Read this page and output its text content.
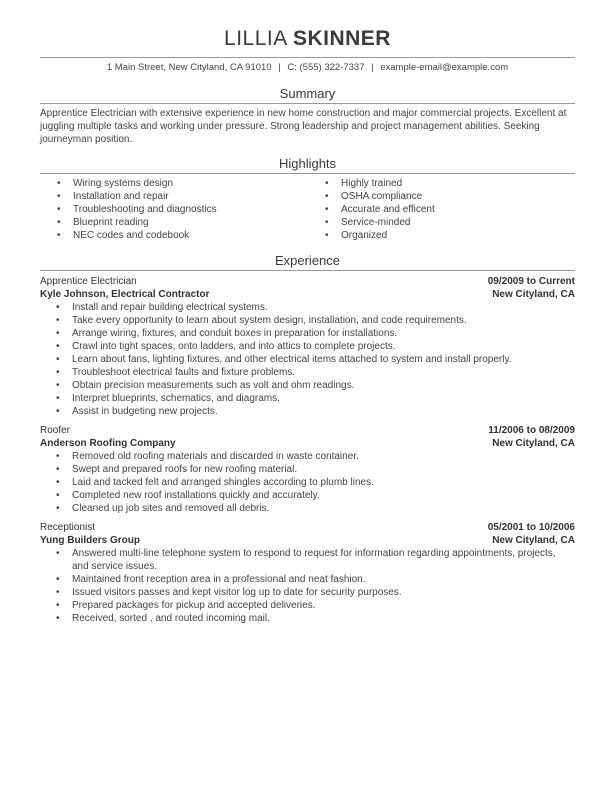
LILLIA SKINNER
1 Main Street, New Cityland, CA 91010 | C: (555) 322-7337 | example-email@example.com
Summary
Apprentice Electrician with extensive experience in new home construction and major commercial projects. Excellent at juggling multiple tasks and working under pressure. Strong leadership and project management abilities. Seeking journeyman position.
Highlights
• Wiring systems design
• Installation and repair
• Troubleshooting and diagnostics
• Blueprint reading
• NEC codes and codebook
• Highly trained
• OSHA compliance
• Accurate and efficent
• Service-minded
• Organized
Experience
Apprentice Electrician	09/2009 to Current
Kyle Johnson, Electrical Contractor	New Cityland, CA
• Install and repair building electrical systems.
• Take every opportunity to learn about system design, installation, and code requirements.
• Arrange wiring, fixtures, and conduit boxes in preparation for installations.
• Crawl into tight spaces, onto ladders, and into attics to complete projects.
• Learn about fans, lighting fixtures, and other electrical items attached to system and install properly.
• Troubleshoot electrical faults and fixture problems.
• Obtain precision measurements such as volt and ohm readings.
• Interpret blueprints, schematics, and diagrams.
• Assist in budgeting new projects.
Roofer	11/2006 to 08/2009
Anderson Roofing Company	New Cityland, CA
• Removed old roofing materials and discarded in waste container.
• Swept and prepared roofs for new roofing material.
• Laid and tacked felt and arranged shingles according to plumb lines.
• Completed new roof installations quickly and accurately.
• Cleaned up job sites and removed all debris.
Receptionist	05/2001 to 10/2006
Yung Builders Group	New Cityland, CA
• Answered multi-line telephone system to respond to request for information regarding appointments, projects, and service issues.
• Maintained front reception area in a professional and neat fashion.
• Issued visitors passes and kept visitor log up to date for security purposes.
• Prepared packages for pickup and accepted deliveries.
• Received, sorted , and routed incoming mail.
